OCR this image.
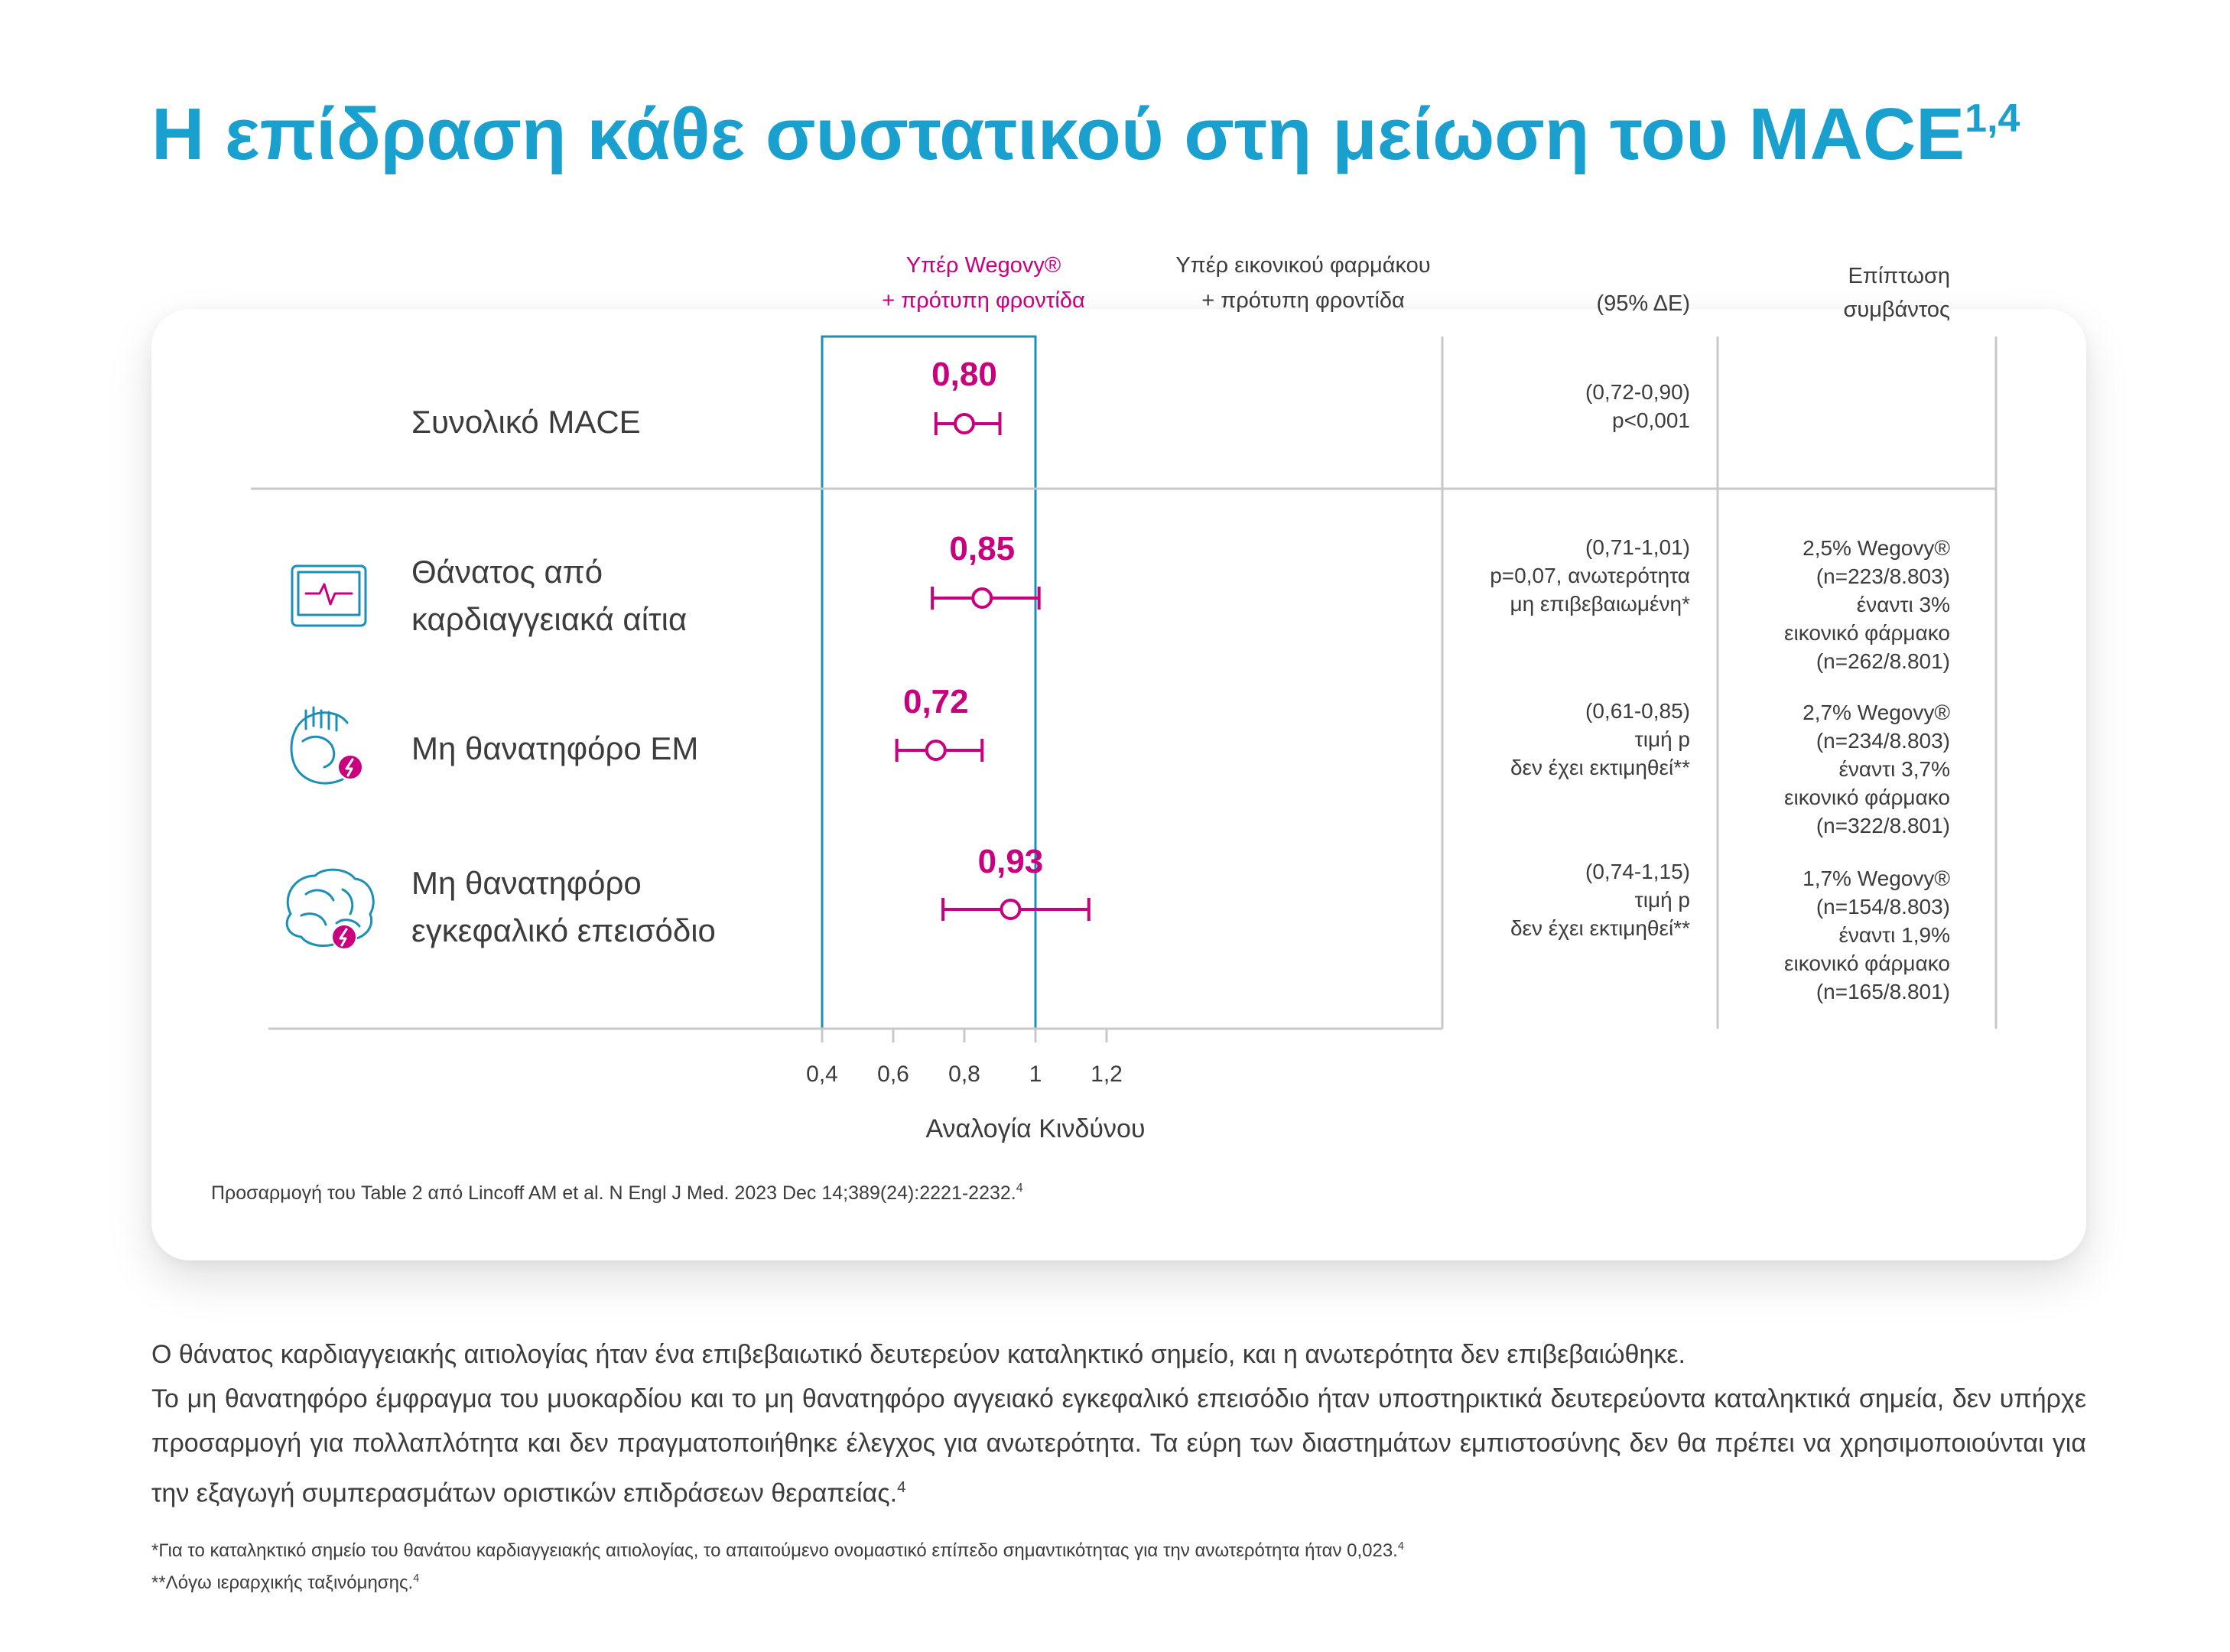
Η επίδραση κάθε συστατικού στη μείωση του MACE$^{1,4}$
Υπέρ Wegovy®
+ πρότυπη φροντίδα
Υπέρ εικονικού φαρμάκου
+ πρότυπη φροντίδα	(95% ΔΕ)
Επίπτωση
συμβάντος
0,4 0,6 0,8 1 1,2
Αναλογία Κινδύνου
Συνολικό MACE
0,80	(0,72-0,90)
p<0,001
Θάνατος από
καρδιαγγειακά αίτια
0,85	(0,71-1,01)
p=0,07, ανωτερότητα
μη επιβεβαιωμένη*
2,5% Wegovy®
(n=223/8.803)
έναντι 3%
εικονικό φάρμακο
(n=262/8.801)
Μη θανατηφόρο ΕΜ
0,72	(0,61-0,85)
τιμή p
δεν έχει εκτιμηθεί**
2,7% Wegovy®
(n=234/8.803)
έναντι 3,7%
εικονικό φάρμακο
(n=322/8.801)
Μη θανατηφόρο
εγκεφαλικό επεισόδιο
0,93	(0,74-1,15)
τιμή p
δεν έχει εκτιμηθεί**
1,7% Wegovy®
(n=154/8.803)
έναντι 1,9%
εικονικό φάρμακο
(n=165/8.801)
Προσαρμογή του Table 2 από Lincoff AM et al. N Engl J Med. 2023 Dec 14;389(24):2221-2232.$^4$

Ο θάνατος καρδιαγγειακής αιτιολογίας ήταν ένα επιβεβαιωτικό δευτερεύον καταληκτικό σημείο, και η ανωτερότητα δεν επιβεβαιώθηκε.
Το μη θανατηφόρο έμφραγμα του μυοκαρδίου και το μη θανατηφόρο αγγειακό εγκεφαλικό επεισόδιο ήταν υποστηρικτικά δευτερεύοντα καταληκτικά σημεία, δεν υπήρχε προσαρμογή για πολλαπλότητα και δεν πραγματοποιήθηκε έλεγχος για ανωτερότητα. Τα εύρη των διαστημάτων εμπιστοσύνης δεν θα πρέπει να χρησιμοποιούνται για την εξαγωγή συμπερασμάτων οριστικών επιδράσεων θεραπείας.$^4$

*Για το καταληκτικό σημείο του θανάτου καρδιαγγειακής αιτιολογίας, το απαιτούμενο ονομαστικό επίπεδο σημαντικότητας για την ανωτερότητα ήταν 0,023.$^4$
**Λόγω ιεραρχικής ταξινόμησης.$^4$
